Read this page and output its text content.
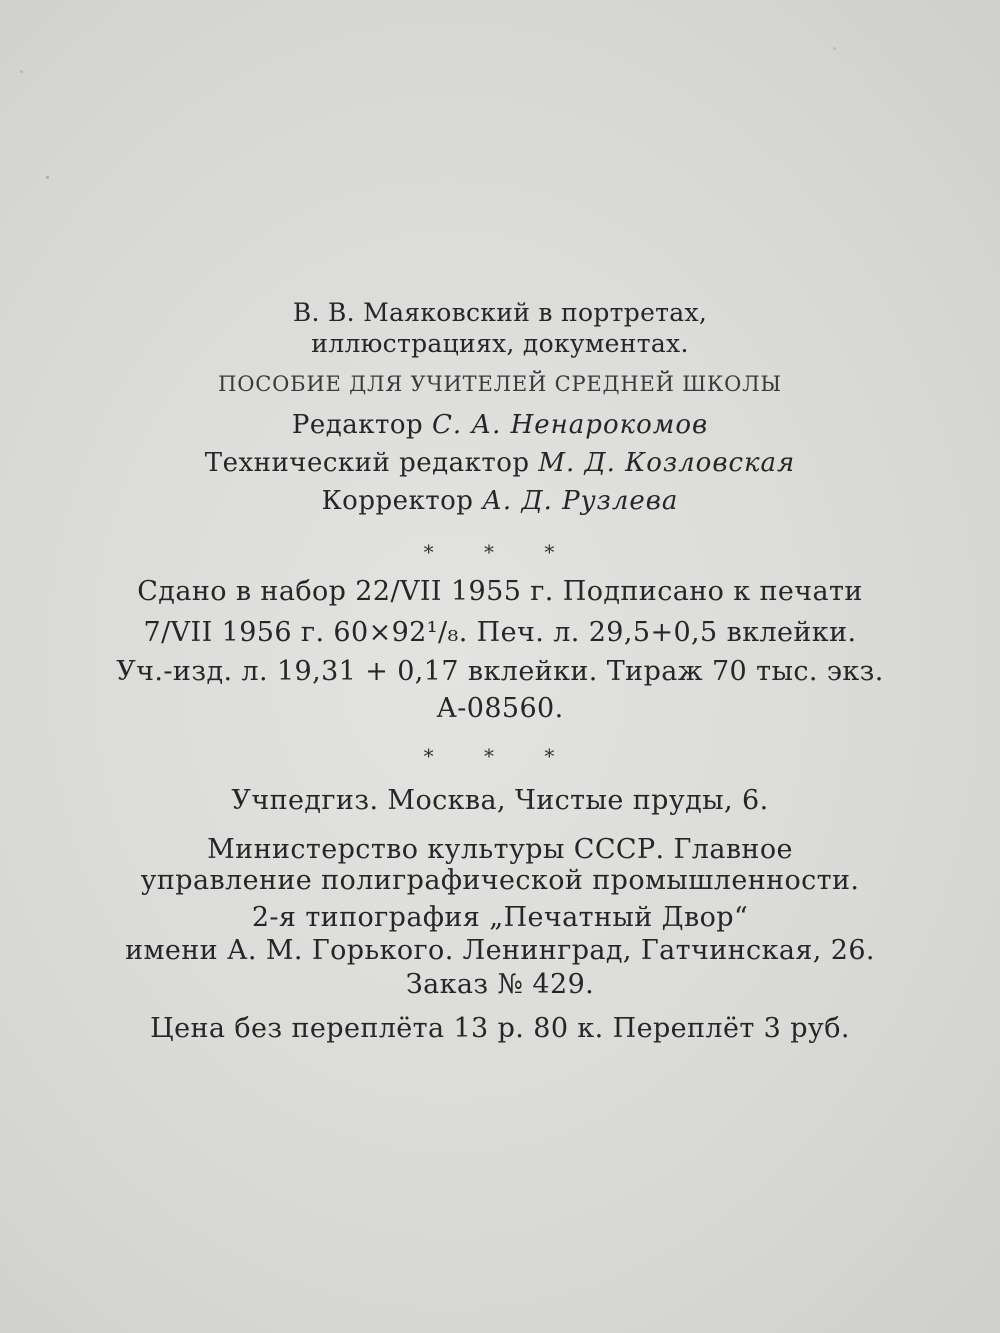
В. В. Маяковский в портретах,
иллюстрациях, документах.
ПОСОБИЕ ДЛЯ УЧИТЕЛЕЙ СРЕДНЕЙ ШКОЛЫ
Редактор С. А. Ненарокомов
Технический редактор М. Д. Козловская
Корректор А. Д. Рузлева
* * *
Сдано в набор 22/VII 1955 г. Подписано к печати
7/VII 1956 г. 60×92¹/₈. Печ. л. 29,5+0,5 вклейки.
Уч.-изд. л. 19,31 + 0,17 вклейки. Тираж 70 тыс. экз.
А-08560.
* * *
Учпедгиз. Москва, Чистые пруды, 6.
Министерство культуры СССР. Главное
управление полиграфической промышленности.
2-я типография „Печатный Двор“
имени А. М. Горького. Ленинград, Гатчинская, 26.
Заказ № 429.
Цена без переплёта 13 р. 80 к. Переплёт 3 руб.
